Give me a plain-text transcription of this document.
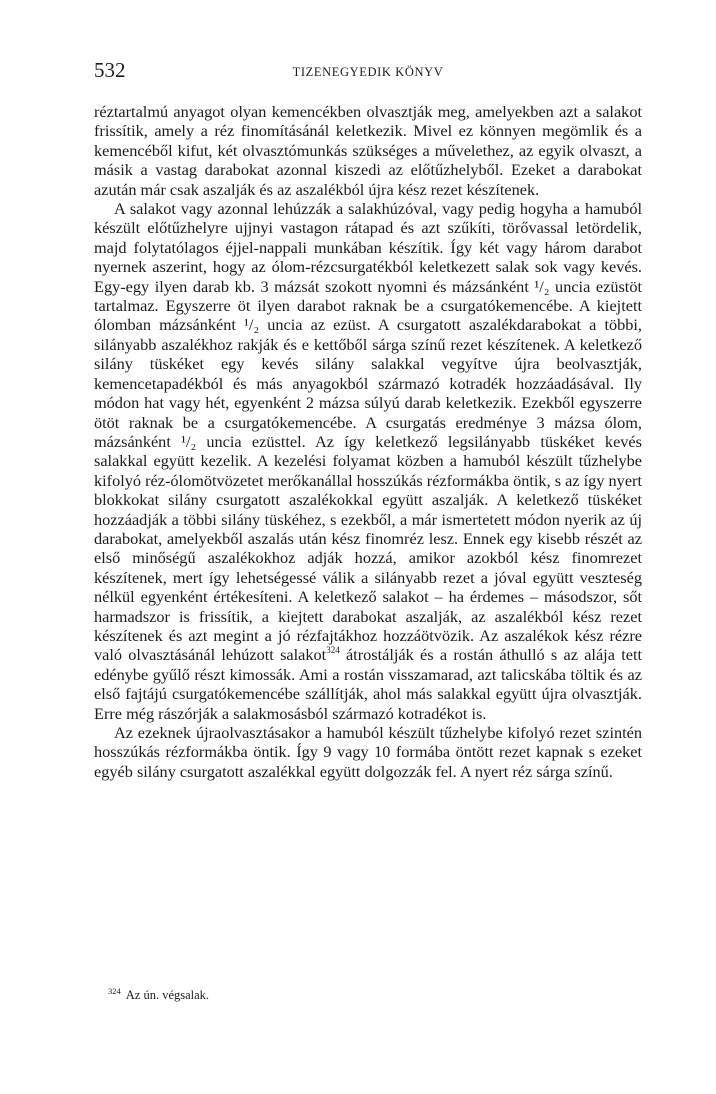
532	TIZENEGYEDIK KÖNYV

réztartalmú anyagot olyan kemencékben olvasztják meg, amelyekben azt a salakot frissítik, amely a réz finomításánál keletkezik. Mivel ez könnyen megömlik és a kemencéből kifut, két olvasztómunkás szükséges a művelethez, az egyik olvaszt, a másik a vastag darabokat azonnal kiszedi az előtűzhelyből. Ezeket a darabokat azután már csak aszalják és az aszalékból újra kész rezet készítenek.

A salakot vagy azonnal lehúzzák a salakhúzóval, vagy pedig hogyha a hamuból készült előtűzhelyre ujjnyi vastagon rátapad és azt szűkíti, törővassal letördelik, majd folytatólagos éjjel-nappali munkában készítik. Így két vagy három darabot nyernek aszerint, hogy az ólom-rézcsurgatékból keletkezett salak sok vagy kevés. Egy-egy ilyen darab kb. 3 mázsát szokott nyomni és mázsánként ¹/₂ uncia ezüstöt tartalmaz. Egyszerre öt ilyen darabot raknak be a csurgatókemencébe. A kiejtett ólomban mázsánként ¹/₂ uncia az ezüst. A csurgatott aszalékdarabokat a többi, silányabb aszalékhoz rakják és e kettőből sárga színű rezet készítenek. A keletkező silány tüskéket egy kevés silány salakkal vegyítve újra beolvasztják, kemencetapadékból és más anyagokból származó kotradék hozzáadásával. Ily módon hat vagy hét, egyenként 2 mázsa súlyú darab keletkezik. Ezekből egyszerre ötöt raknak be a csurgatókemencébe. A csurgatás eredménye 3 mázsa ólom, mázsánként ¹/₂ uncia ezüsttel. Az így keletkező legsilányabb tüskéket kevés salakkal együtt kezelik. A kezelési folyamat közben a hamuból készült tűzhelybe kifolyó réz-ólomötvözetet merőkanállal hosszúkás rézformákba öntik, s az így nyert blokkokat silány csurgatott aszalékokkal együtt aszalják. A keletkező tüskéket hozzáadják a többi silány tüskéhez, s ezekből, a már ismertetett módon nyerik az új darabokat, amelyekből aszalás után kész finomréz lesz. Ennek egy kisebb részét az első minőségű aszalékokhoz adják hozzá, amikor azokból kész finomrezet készítenek, mert így lehetségessé válik a silányabb rezet a jóval együtt veszteség nélkül egyenként értékesíteni. A keletkező salakot – ha érdemes – másodszor, sőt harmadszor is frissítik, a kiejtett darabokat aszalják, az aszalékból kész rezet készítenek és azt megint a jó rézfajtákhoz hozzáötvözik. Az aszalékok kész rézre való olvasztásánál lehúzott salakot$^{324}$ átrostálják és a rostán áthulló s az alája tett edénybe gyűlő részt kimossák. Ami a rostán visszamarad, azt talicskába töltik és az első fajtájú csurgatókemencébe szállítják, ahol más salakkal együtt újra olvasztják. Erre még rászórják a salakmosásból származó kotradékot is.

Az ezeknek újraolvasztásakor a hamuból készült tűzhelybe kifolyó rezet szintén hosszúkás rézformákba öntik. Így 9 vagy 10 formába öntött rezet kapnak s ezeket egyéb silány csurgatott aszalékkal együtt dolgozzák fel. A nyert réz sárga színű.

$^{324}$ Az ún. végsalak.
